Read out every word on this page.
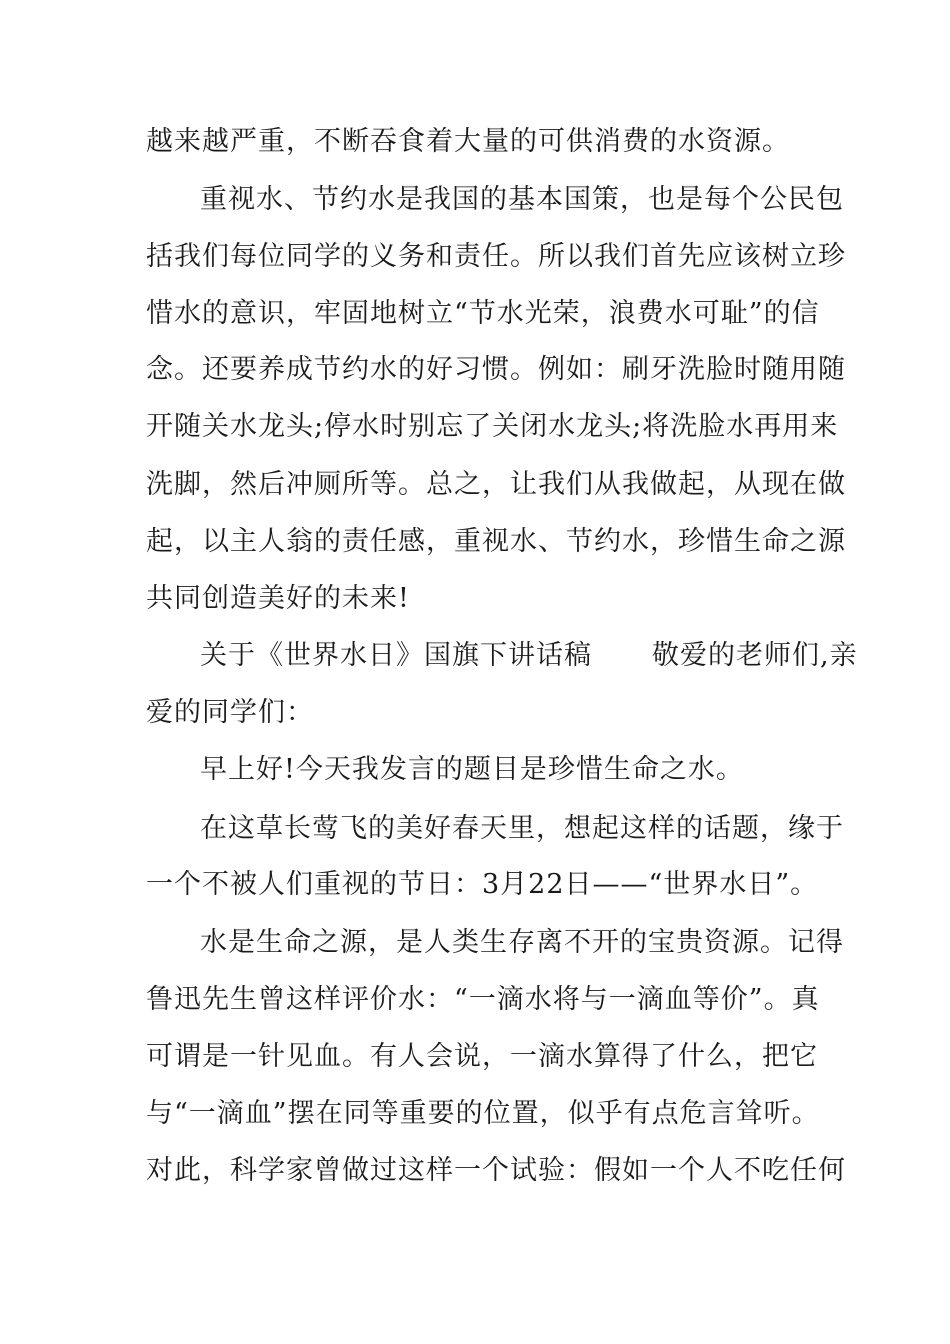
越来越严重，不断吞食着大量的可供消费的水资源。
重视水、节约水是我国的基本国策，也是每个公民包
括我们每位同学的义务和责任。所以我们首先应该树立珍
惜水的意识，牢固地树立“节水光荣，浪费水可耻”的信
念。还要养成节约水的好习惯。例如：刷牙洗脸时随用随
开随关水龙头;停水时别忘了关闭水龙头;将洗脸水再用来
洗脚，然后冲厕所等。总之，让我们从我做起，从现在做
起，以主人翁的责任感，重视水、节约水，珍惜生命之源
共同创造美好的未来!
关于《世界水日》国旗下讲话稿 敬爱的老师们,亲
爱的同学们：
早上好!今天我发言的题目是珍惜生命之水。
在这草长莺飞的美好春天里，想起这样的话题，缘于
一个不被人们重视的节日：3月22日——“世界水日”。
水是生命之源，是人类生存离不开的宝贵资源。记得
鲁迅先生曾这样评价水：“一滴水将与一滴血等价”。真
可谓是一针见血。有人会说，一滴水算得了什么，把它
与“一滴血”摆在同等重要的位置，似乎有点危言耸听。
对此，科学家曾做过这样一个试验：假如一个人不吃任何
